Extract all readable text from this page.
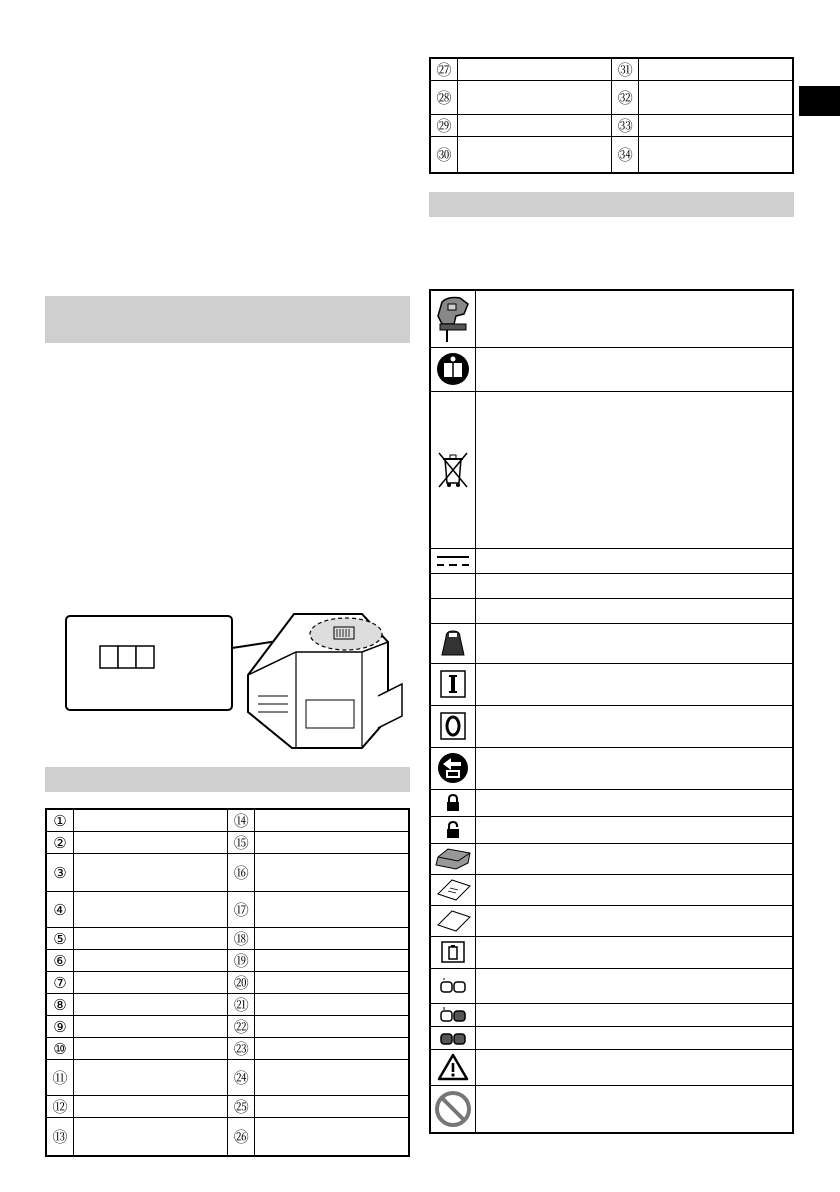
①		⑭	
②		⑮	
③		⑯	
④		⑰	
⑤		⑱	
⑥		⑲	
⑦		⑳	
⑧		㉑	
⑨		㉒	
⑩		㉓	
⑪		㉔	
⑫		㉕	
⑬		㉖	
㉗		㉛	
㉘		㉜	
㉙		㉝	
㉚		㉞	
